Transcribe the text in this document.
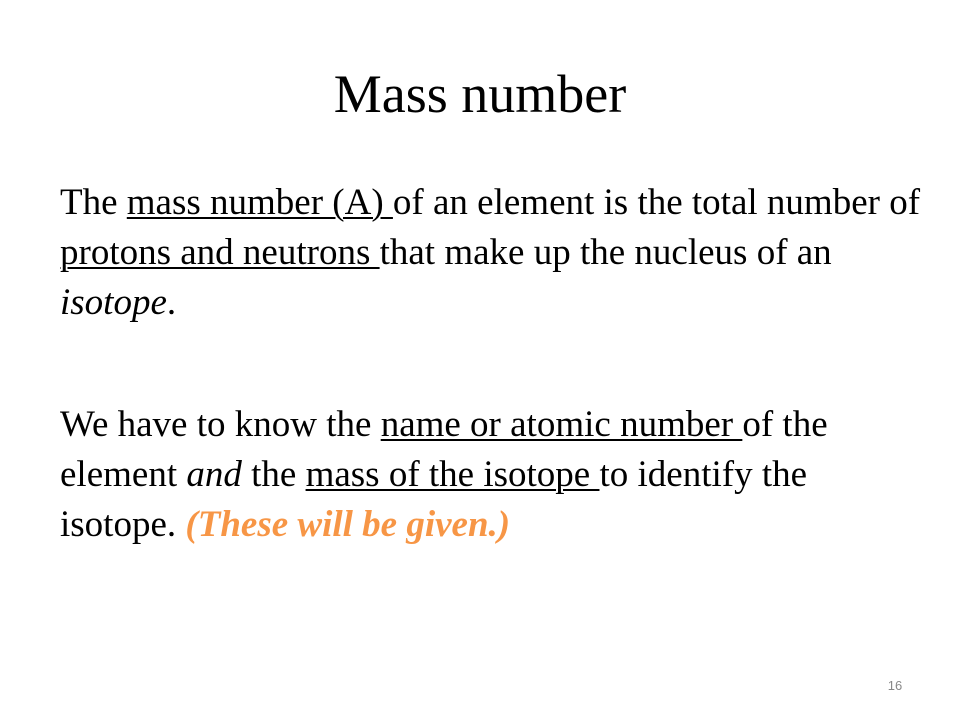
Mass number

The mass number (A) of an element is the total number of protons and neutrons that make up the nucleus of an isotope.

We have to know the name or atomic number of the element and the mass of the isotope to identify the isotope. (These will be given.)

16
